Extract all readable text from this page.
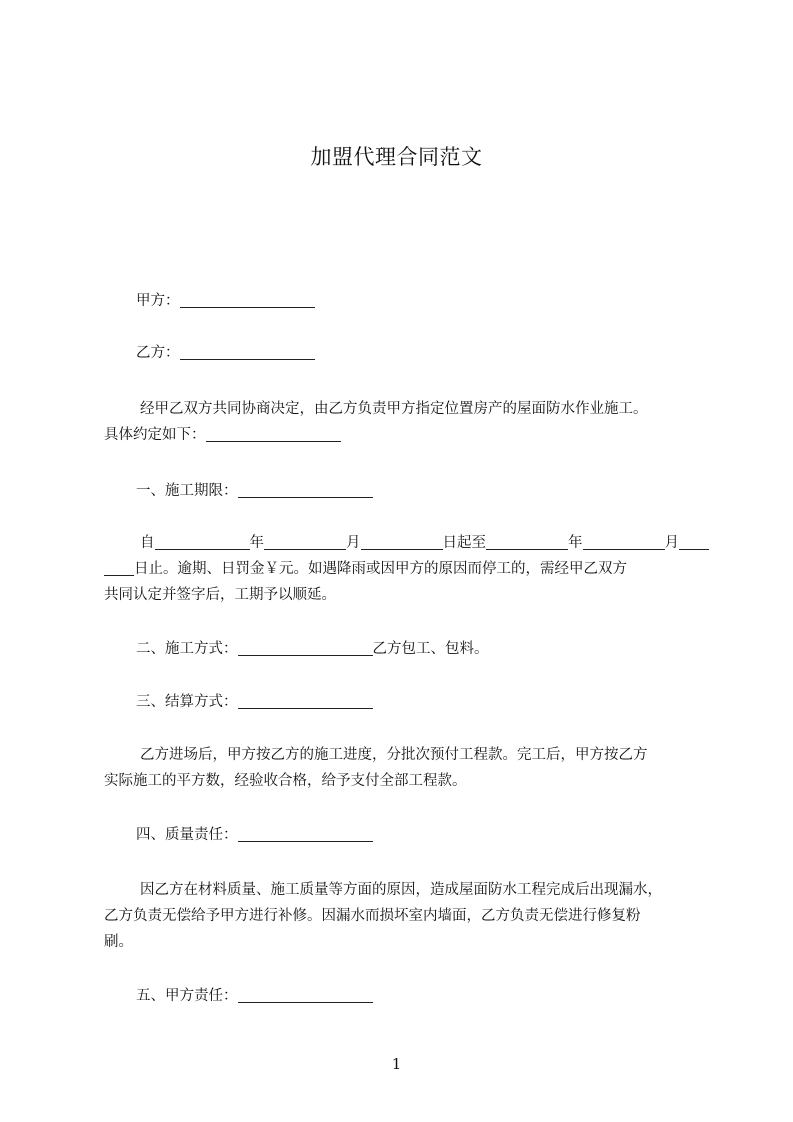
加盟代理合同范文
甲方：
乙方：
经甲乙双方共同协商决定，由乙方负责甲方指定位置房产的屋面防水作业施工。
具体约定如下：
一、施工期限：
自	年	月	日起至	年	月
日止。逾期、日罚金￥元。如遇降雨或因甲方的原因而停工的，需经甲乙双方
共同认定并签字后，工期予以顺延。
二、施工方式：	乙方包工、包料。
三、结算方式：
乙方进场后，甲方按乙方的施工进度，分批次预付工程款。完工后，甲方按乙方
实际施工的平方数，经验收合格，给予支付全部工程款。
四、质量责任：
因乙方在材料质量、施工质量等方面的原因，造成屋面防水工程完成后出现漏水，
乙方负责无偿给予甲方进行补修。因漏水而损坏室内墙面，乙方负责无偿进行修复粉
刷。
五、甲方责任：
1
